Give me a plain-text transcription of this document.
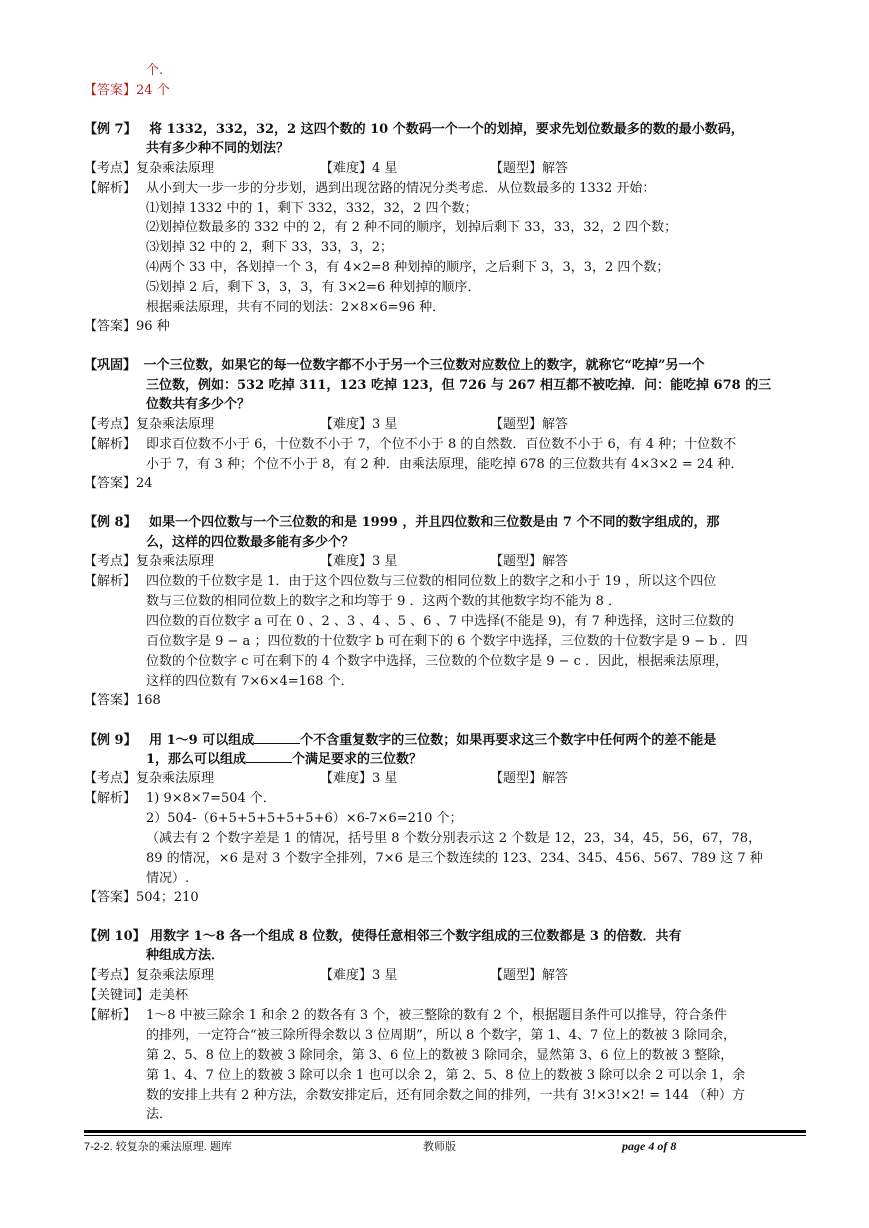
个.
【答案】24 个
【例 7】 将 1332，332，32，2 这四个数的 10 个数码一个一个的划掉，要求先划位数最多的数的最小数码，
共有多少种不同的划法？
【考点】复杂乘法原理	【难度】4 星	【题型】解答
【解析】 从小到大一步一步的分步划，遇到出现岔路的情况分类考虑．从位数最多的 1332 开始：
⑴划掉 1332 中的 1，剩下 332，332，32，2 四个数；
⑵划掉位数最多的 332 中的 2，有 2 种不同的顺序，划掉后剩下 33，33，32，2 四个数；
⑶划掉 32 中的 2，剩下 33，33，3，2；
⑷两个 33 中，各划掉一个 3，有 4×2=8 种划掉的顺序，之后剩下 3，3，3，2 四个数；
⑸划掉 2 后，剩下 3，3，3，有 3×2=6 种划掉的顺序．
根据乘法原理，共有不同的划法：2×8×6=96 种．
【答案】96 种
【巩固】 一个三位数，如果它的每一位数字都不小于另一个三位数对应数位上的数字，就称它“吃掉”另一个
三位数，例如：532 吃掉 311，123 吃掉 123，但 726 与 267 相互都不被吃掉．问：能吃掉 678 的三
位数共有多少个？
【考点】复杂乘法原理	【难度】3 星	【题型】解答
【解析】 即求百位数不小于 6，十位数不小于 7，个位不小于 8 的自然数．百位数不小于 6，有 4 种；十位数不
小于 7，有 3 种；个位不小于 8，有 2 种．由乘法原理，能吃掉 678 的三位数共有 4×3×2 = 24 种．
【答案】24
【例 8】 如果一个四位数与一个三位数的和是 1999 ，并且四位数和三位数是由 7 个不同的数字组成的，那
么，这样的四位数最多能有多少个？
【考点】复杂乘法原理	【难度】3 星	【题型】解答
【解析】 四位数的千位数字是 1．由于这个四位数与三位数的相同位数上的数字之和小于 19 ，所以这个四位
数与三位数的相同位数上的数字之和均等于 9 ．这两个数的其他数字均不能为 8 ．
四位数的百位数字 a 可在 0 、2 、3 、4 、5 、6 、7 中选择(不能是 9)，有 7 种选择，这时三位数的
百位数字是 9 − a ；四位数的十位数字 b 可在剩下的 6 个数字中选择，三位数的十位数字是 9 − b ．四
位数的个位数字 c 可在剩下的 4 个数字中选择，三位数的个位数字是 9 − c ．因此，根据乘法原理，
这样的四位数有 7×6×4=168 个．
【答案】168
【例 9】 用 1～9 可以组成	个不含重复数字的三位数；如果再要求这三个数字中任何两个的差不能是
1，那么可以组成	个满足要求的三位数？
【考点】复杂乘法原理	【难度】3 星	【题型】解答
【解析】 1) 9×8×7=504 个．
2）504-（6+5+5+5+5+5+6）×6-7×6=210 个；
（减去有 2 个数字差是 1 的情况，括号里 8 个数分别表示这 2 个数是 12，23，34，45，56，67，78，
89 的情况，×6 是对 3 个数字全排列，7×6 是三个数连续的 123、234、345、456、567、789 这 7 种
情况）.
【答案】504；210
【例 10】 用数字 1～8 各一个组成 8 位数，使得任意相邻三个数字组成的三位数都是 3 的倍数．共有
种组成方法．
【考点】复杂乘法原理	【难度】3 星	【题型】解答
【关键词】走美杯
【解析】 1～8 中被三除余 1 和余 2 的数各有 3 个，被三整除的数有 2 个，根据题目条件可以推导，符合条件
的排列，一定符合“被三除所得余数以 3 位周期”，所以 8 个数字，第 1、4、7 位上的数被 3 除同余，
第 2、5、8 位上的数被 3 除同余，第 3、6 位上的数被 3 除同余，显然第 3、6 位上的数被 3 整除，
第 1、4、7 位上的数被 3 除可以余 1 也可以余 2，第 2、5、8 位上的数被 3 除可以余 2 可以余 1，余
数的安排上共有 2 种方法，余数安排定后，还有同余数之间的排列，一共有 3!×3!×2! = 144 （种）方
法．
7-2-2. 较复杂的乘法原理. 题库	教师版	page 4 of 8
